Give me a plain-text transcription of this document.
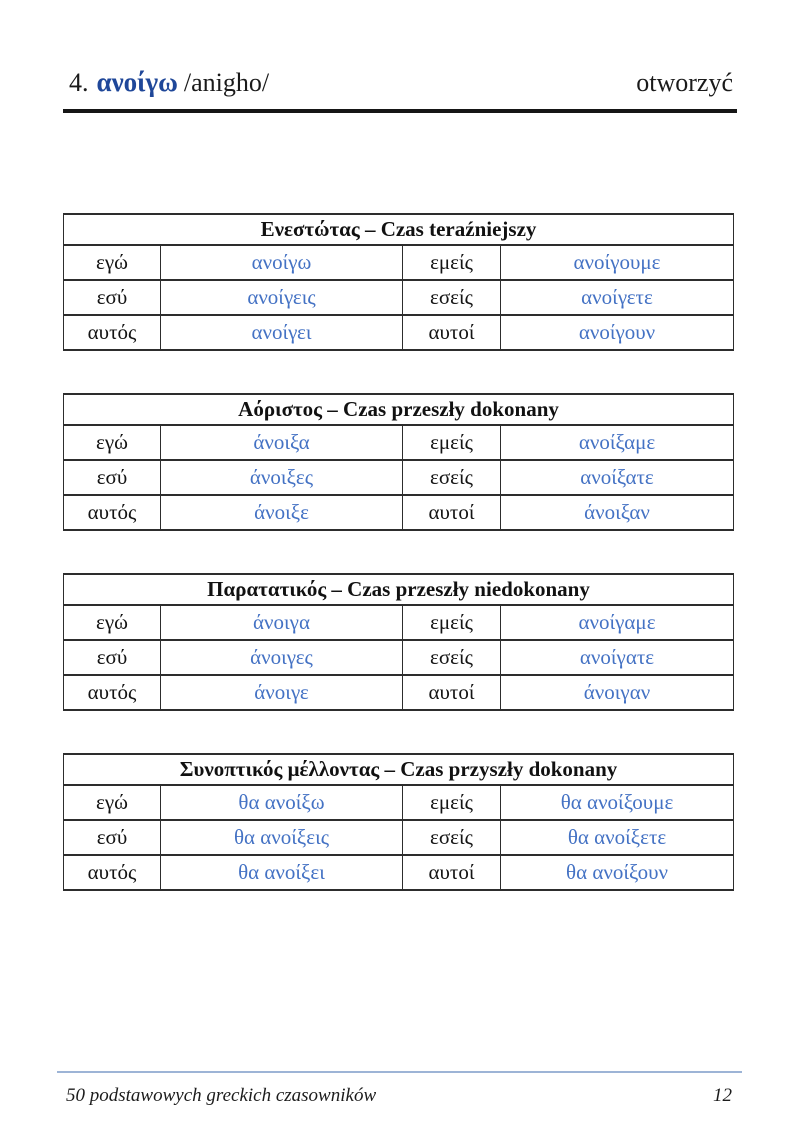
4. ανοίγω /anigho/	otworzyć
Ενεστώτας – Czas teraźniejszy			
εγώ	ανοίγω	εμείς	ανοίγουμε
εσύ	ανοίγεις	εσείς	ανοίγετε
αυτός	ανοίγει	αυτοί	ανοίγουν
Αόριστος – Czas przeszły dokonany			
εγώ	άνοιξα	εμείς	ανοίξαμε
εσύ	άνοιξες	εσείς	ανοίξατε
αυτός	άνοιξε	αυτοί	άνοιξαν
Παρατατικός – Czas przeszły niedokonany			
εγώ	άνοιγα	εμείς	ανοίγαμε
εσύ	άνοιγες	εσείς	ανοίγατε
αυτός	άνοιγε	αυτοί	άνοιγαν
Συνοπτικός μέλλοντας – Czas przyszły dokonany			
εγώ	θα ανοίξω	εμείς	θα ανοίξουμε
εσύ	θα ανοίξεις	εσείς	θα ανοίξετε
αυτός	θα ανοίξει	αυτοί	θα ανοίξουν
50 podstawowych greckich czasowników	12
